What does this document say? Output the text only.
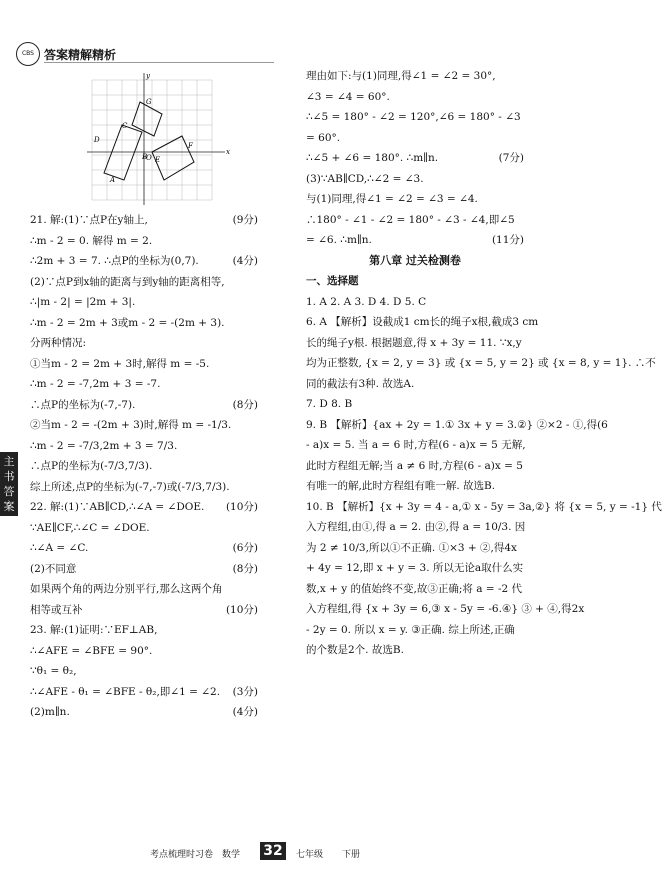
CBS 答案精解精析
x
y
A
B
C
D
E
F
G
O
(9分)
21. 解:(1)∵点P在y轴上,
∴m - 2 = 0. 解得 m = 2.
∴2m + 3 = 7. ∴点P的坐标为(0,7).	(4分)
(2)∵点P到x轴的距离与到y轴的距离相等,
∴|m - 2| = |2m + 3|.
∴m - 2 = 2m + 3或m - 2 = -(2m + 3).
分两种情况:
①当m - 2 = 2m + 3时,解得 m = -5.
∴m - 2 = -7,2m + 3 = -7.
∴点P的坐标为(-7,-7).	(8分)
②当m - 2 = -(2m + 3)时,解得 m = -1/3.
∴m - 2 = -7/3,2m + 3 = 7/3.
∴点P的坐标为(-7/3,7/3).
综上所述,点P的坐标为(-7,-7)或(-7/3,7/3).
(10分)
22. 解:(1)∵AB∥CD,∴∠A = ∠DOE.
∵AE∥CF,∴∠C = ∠DOE.
∴∠A = ∠C.	(6分)
(2)不同意	(8分)
如果两个角的两边分别平行,那么这两个角
相等或互补	(10分)
23. 解:(1)证明:∵EF⊥AB,
∴∠AFE = ∠BFE = 90°.
∵θ₁ = θ₂,
∴∠AFE - θ₁ = ∠BFE - θ₂,即∠1 = ∠2. (3分)
(2)m∥n.	(4分)
理由如下:与(1)同理,得∠1 = ∠2 = 30°,
∠3 = ∠4 = 60°.
∴∠5 = 180° - ∠2 = 120°,∠6 = 180° - ∠3
= 60°.
∴∠5 + ∠6 = 180°. ∴m∥n.	(7分)
(3)∵AB∥CD,∴∠2 = ∠3.
与(1)同理,得∠1 = ∠2 = ∠3 = ∠4.
∴180° - ∠1 - ∠2 = 180° - ∠3 - ∠4,即∠5
= ∠6. ∴m∥n.	(11分)
第八章 过关检测卷
一、选择题
1. A 2. A 3. D 4. D 5. C
6. A 【解析】设截成1 cm长的绳子x根,截成3 cm
长的绳子y根. 根据题意,得 x + 3y = 11. ∵x,y
均为正整数, {x = 2, y = 3} 或 {x = 5, y = 2} 或 {x = 8, y = 1}. ∴不
同的截法有3种. 故选A.
7. D 8. B
9. B 【解析】{ax + 2y = 1.① 3x + y = 3.②} ②×2 - ①,得(6
- a)x = 5. 当 a = 6 时,方程(6 - a)x = 5 无解,
此时方程组无解;当 a ≠ 6 时,方程(6 - a)x = 5
有唯一的解,此时方程组有唯一解. 故选B.
10. B 【解析】{x + 3y = 4 - a,① x - 5y = 3a,②} 将 {x = 5, y = -1} 代
入方程组,由①,得 a = 2. 由②,得 a = 10/3. 因
为 2 ≠ 10/3,所以①不正确. ①×3 + ②,得4x
+ 4y = 12,即 x + y = 3. 所以无论a取什么实
数,x + y 的值始终不变,故③正确;将 a = -2 代
入方程组,得 {x + 3y = 6,③ x - 5y = -6.④} ③ + ④,得2x
- 2y = 0. 所以 x = y. ③正确. 综上所述,正确
的个数是2个. 故选B.
主书答案
考点梳理时习卷 数学 32	七年级 下册
